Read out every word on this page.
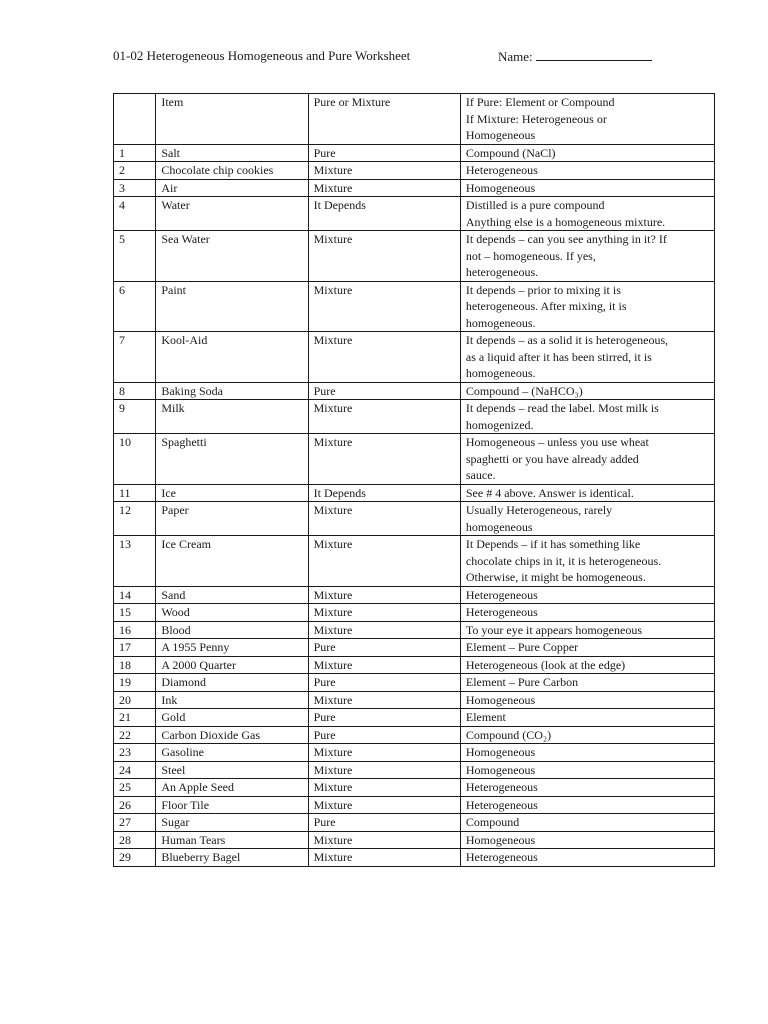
01-02 Heterogeneous Homogeneous and Pure Worksheet	Name:
	Item	Pure or Mixture	If Pure: Element or Compound
If Mixture: Heterogeneous or
Homogeneous

1	Salt	Pure	Compound (NaCl)

2	Chocolate chip cookies	Mixture	Heterogeneous

3	Air	Mixture	Homogeneous

4	Water	It Depends	Distilled is a pure compound
Anything else is a homogeneous mixture.

5	Sea Water	Mixture	It depends – can you see anything in it? If
not – homogeneous. If yes,
heterogeneous.

6	Paint	Mixture	It depends – prior to mixing it is
heterogeneous. After mixing, it is
homogeneous.

7	Kool-Aid	Mixture	It depends – as a solid it is heterogeneous,
as a liquid after it has been stirred, it is
homogeneous.

8	Baking Soda	Pure	Compound – (NaHCO₃)

9	Milk	Mixture	It depends – read the label. Most milk is
homogenized.

10	Spaghetti	Mixture	Homogeneous – unless you use wheat
spaghetti or you have already added
sauce.

11	Ice	It Depends	See # 4 above. Answer is identical.

12	Paper	Mixture	Usually Heterogeneous, rarely
homogeneous

13	Ice Cream	Mixture	It Depends – if it has something like
chocolate chips in it, it is heterogeneous.
Otherwise, it might be homogeneous.

14	Sand	Mixture	Heterogeneous

15	Wood	Mixture	Heterogeneous

16	Blood	Mixture	To your eye it appears homogeneous

17	A 1955 Penny	Pure	Element – Pure Copper

18	A 2000 Quarter	Mixture	Heterogeneous (look at the edge)

19	Diamond	Pure	Element – Pure Carbon

20	Ink	Mixture	Homogeneous

21	Gold	Pure	Element

22	Carbon Dioxide Gas	Pure	Compound (CO₂)

23	Gasoline	Mixture	Homogeneous

24	Steel	Mixture	Homogeneous

25	An Apple Seed	Mixture	Heterogeneous

26	Floor Tile	Mixture	Heterogeneous

27	Sugar	Pure	Compound

28	Human Tears	Mixture	Homogeneous

29	Blueberry Bagel	Mixture	Heterogeneous
